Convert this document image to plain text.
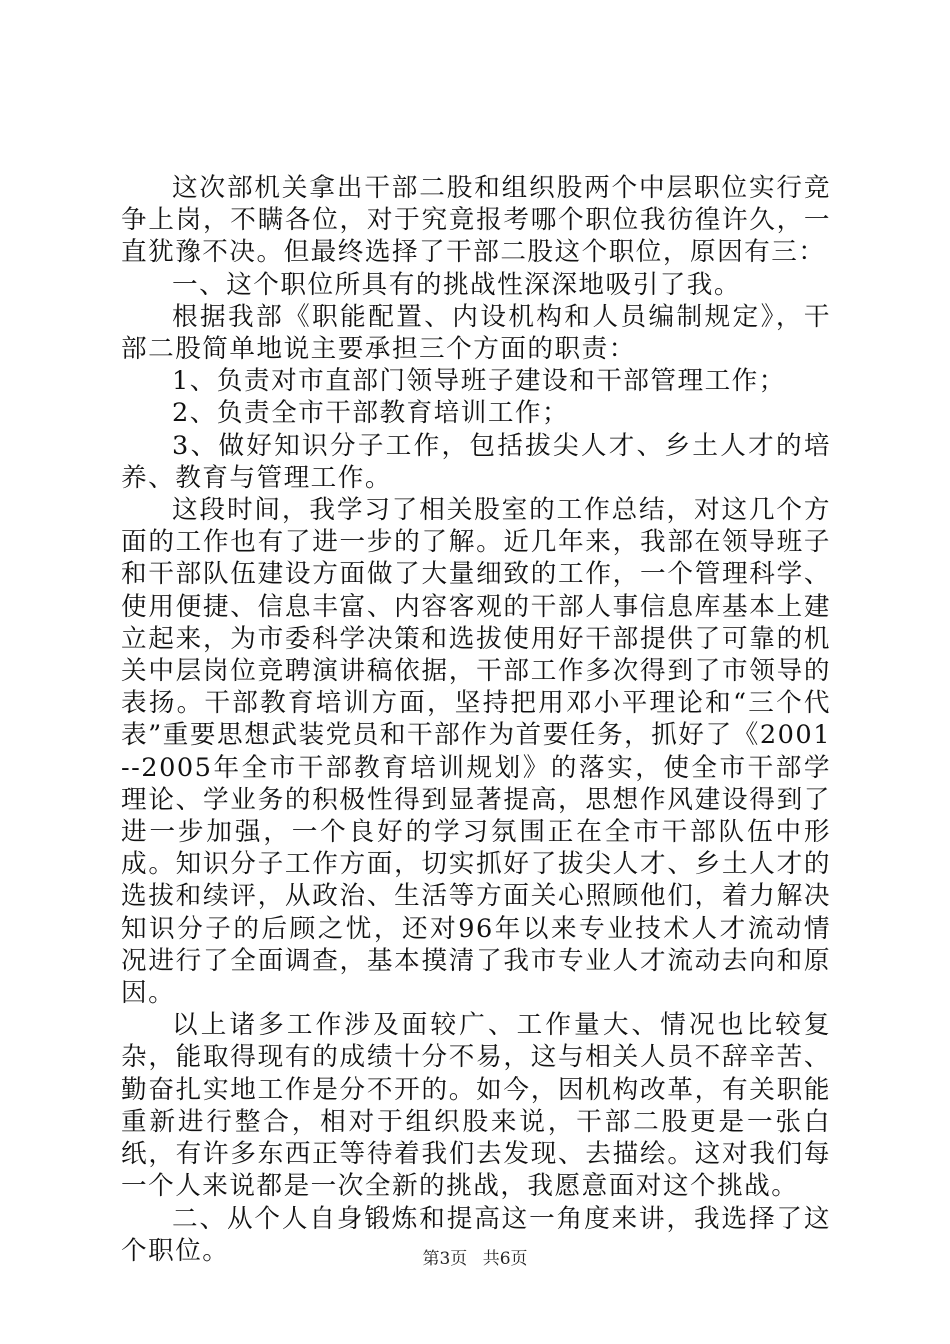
这次部机关拿出干部二股和组织股两个中层职位实行竞争上岗，不瞒各位，对于究竟报考哪个职位我彷徨许久，一直犹豫不决。但最终选择了干部二股这个职位，原因有三：

一、这个职位所具有的挑战性深深地吸引了我。

根据我部《职能配置、内设机构和人员编制规定》，干部二股简单地说主要承担三个方面的职责：

1、负责对市直部门领导班子建设和干部管理工作；

2、负责全市干部教育培训工作；

3、做好知识分子工作，包括拔尖人才、乡土人才的培养、教育与管理工作。

这段时间，我学习了相关股室的工作总结，对这几个方面的工作也有了进一步的了解。近几年来，我部在领导班子和干部队伍建设方面做了大量细致的工作，一个管理科学、使用便捷、信息丰富、内容客观的干部人事信息库基本上建立起来，为市委科学决策和选拔使用好干部提供了可靠的机关中层岗位竞聘演讲稿依据，干部工作多次得到了市领导的表扬。干部教育培训方面，坚持把用邓小平理论和“三个代表”重要思想武装党员和干部作为首要任务，抓好了《2001--2005年全市干部教育培训规划》的落实，使全市干部学理论、学业务的积极性得到显著提高，思想作风建设得到了进一步加强，一个良好的学习氛围正在全市干部队伍中形成。知识分子工作方面，切实抓好了拔尖人才、乡土人才的选拔和续评，从政治、生活等方面关心照顾他们，着力解决知识分子的后顾之忧，还对96年以来专业技术人才流动情况进行了全面调查，基本摸清了我市专业人才流动去向和原因。

以上诸多工作涉及面较广、工作量大、情况也比较复杂，能取得现有的成绩十分不易，这与相关人员不辞辛苦、勤奋扎实地工作是分不开的。如今，因机构改革，有关职能重新进行整合，相对于组织股来说，干部二股更是一张白纸，有许多东西正等待着我们去发现、去描绘。这对我们每一个人来说都是一次全新的挑战，我愿意面对这个挑战。

二、从个人自身锻炼和提高这一角度来讲，我选择了这个职位。	第3页 共6页
